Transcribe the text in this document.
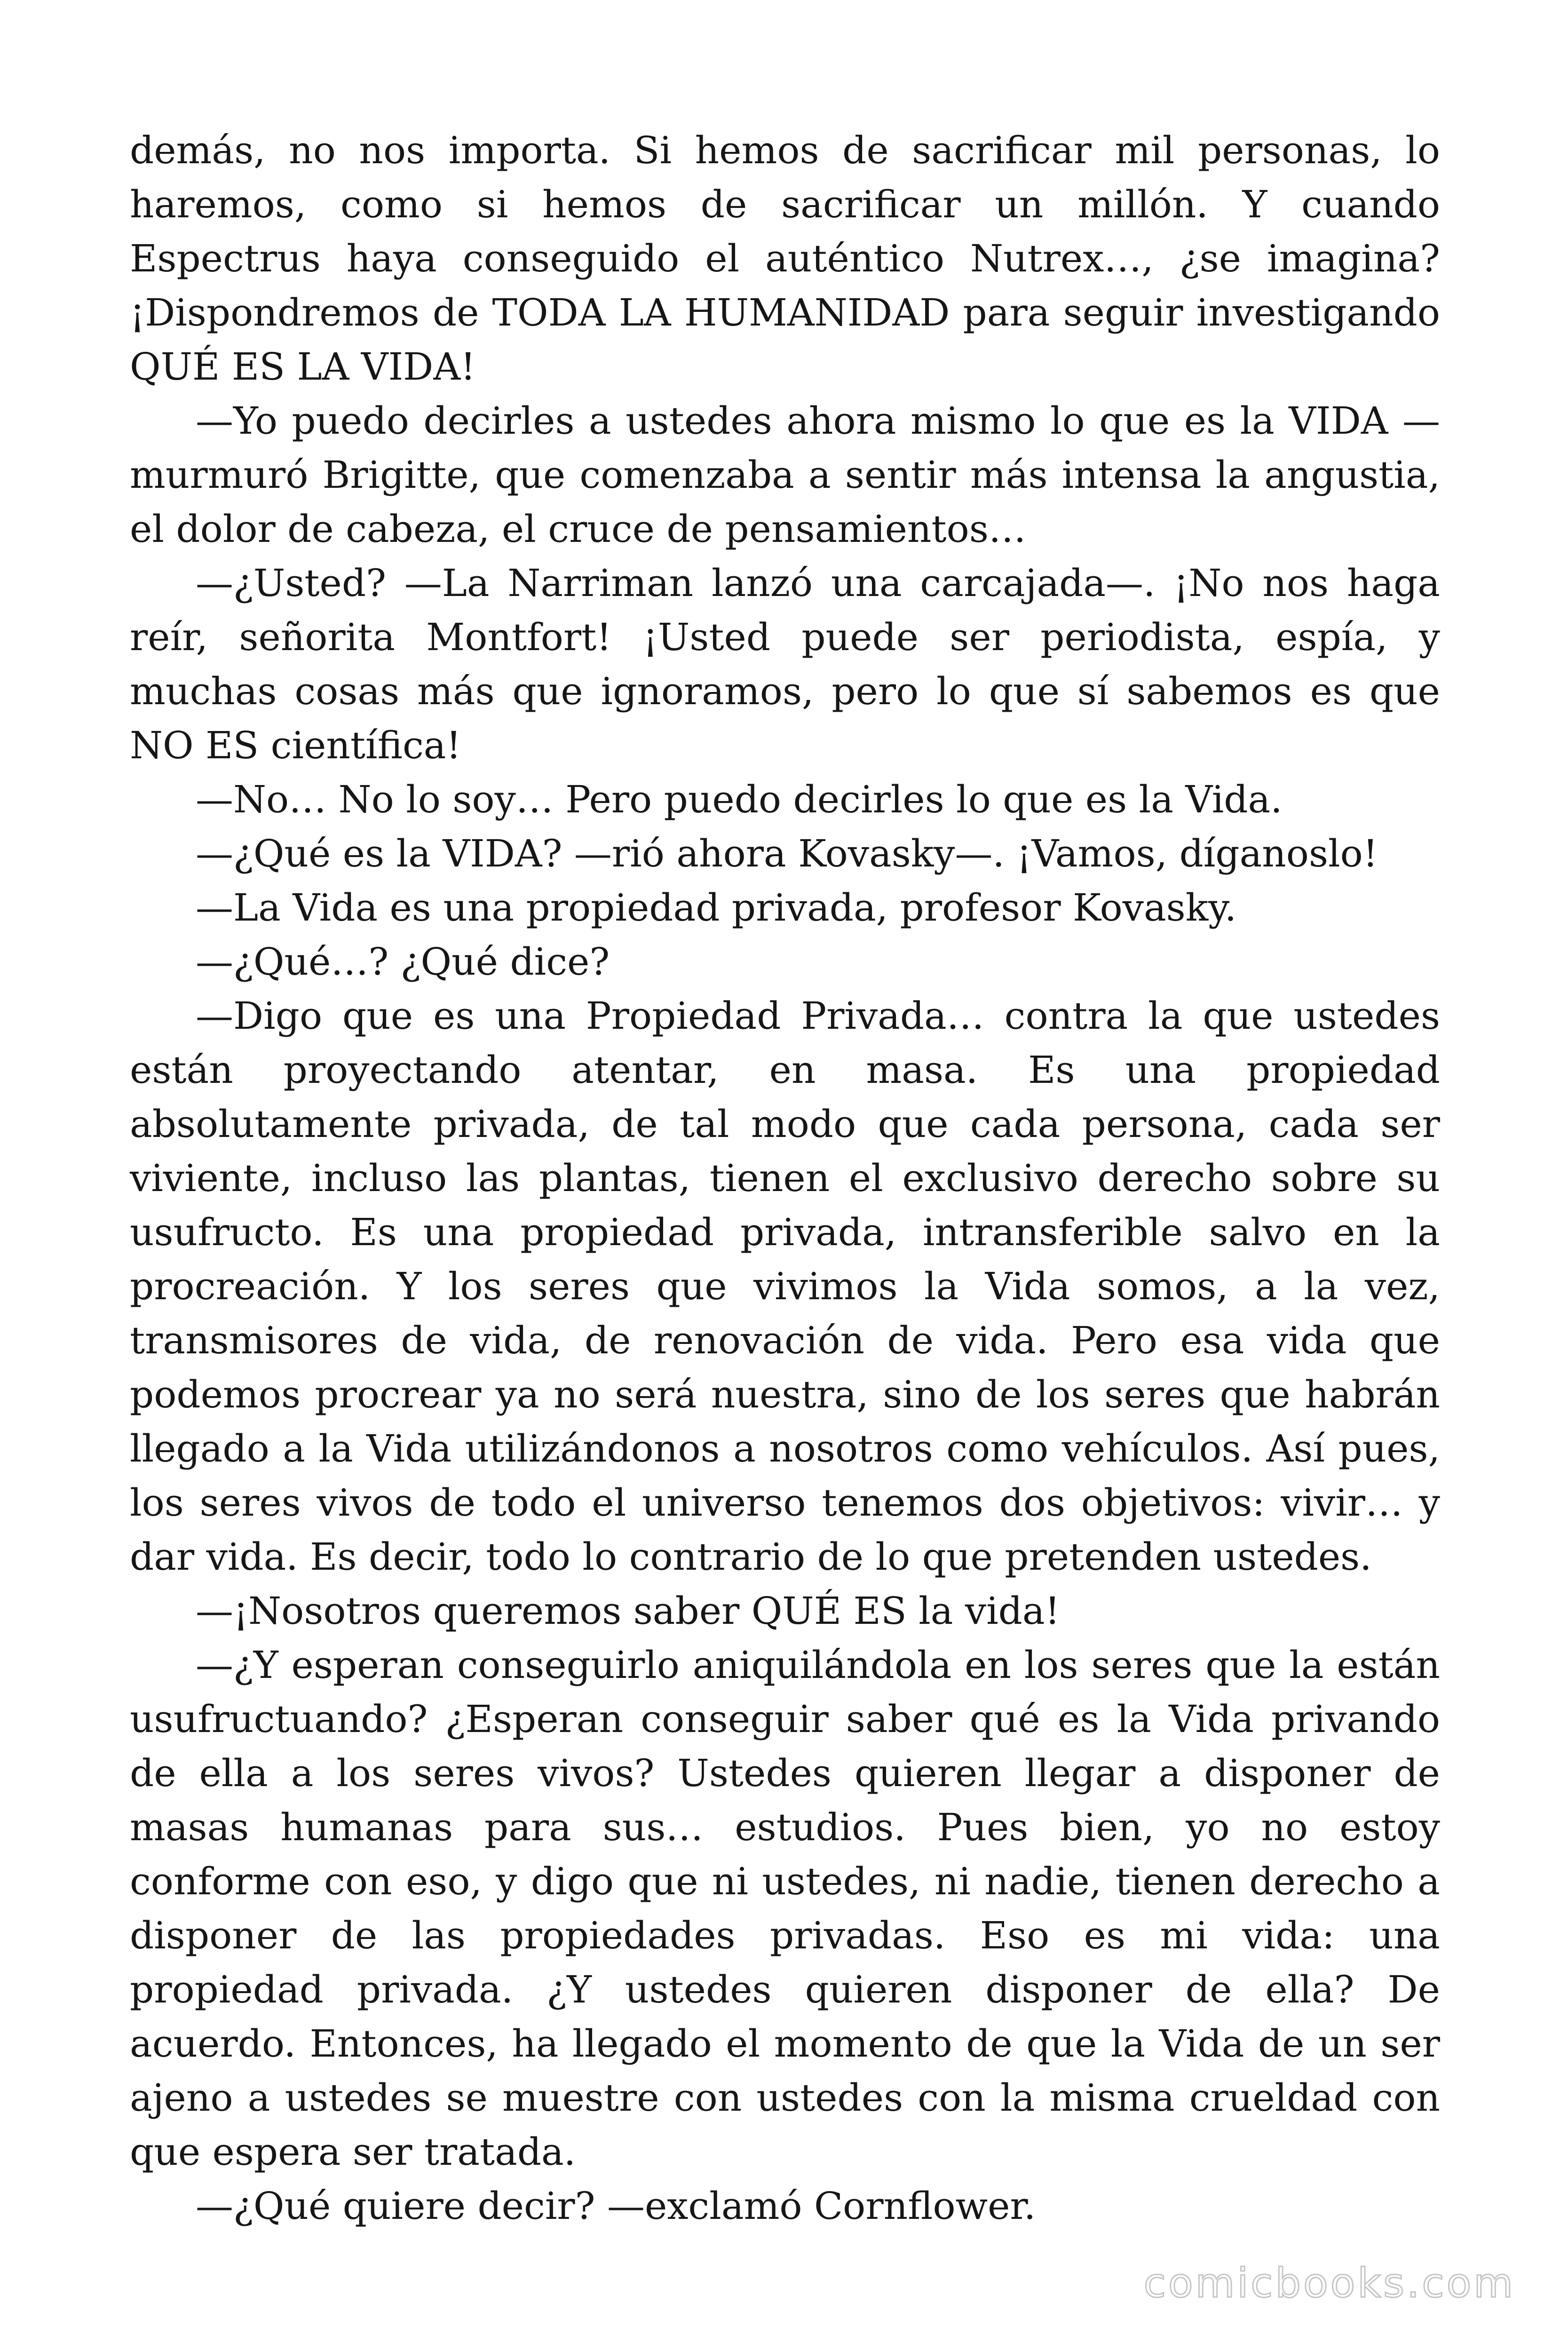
demás, no nos importa. Si hemos de sacrificar mil personas, lo haremos, como si hemos de sacrificar un millón. Y cuando Espectrus haya conseguido el auténtico Nutrex…, ¿se imagina? ¡Dispondremos de TODA LA HUMANIDAD para seguir investigando QUÉ ES LA VIDA!

—Yo puedo decirles a ustedes ahora mismo lo que es la VIDA —murmuró Brigitte, que comenzaba a sentir más intensa la angustia, el dolor de cabeza, el cruce de pensamientos…

—¿Usted? —La Narriman lanzó una carcajada—. ¡No nos haga reír, señorita Montfort! ¡Usted puede ser periodista, espía, y muchas cosas más que ignoramos, pero lo que sí sabemos es que NO ES científica!

—No… No lo soy… Pero puedo decirles lo que es la Vida.

—¿Qué es la VIDA? —rió ahora Kovasky—. ¡Vamos, díganoslo!

—La Vida es una propiedad privada, profesor Kovasky.

—¿Qué…? ¿Qué dice?

—Digo que es una Propiedad Privada… contra la que ustedes están proyectando atentar, en masa. Es una propiedad absolutamente privada, de tal modo que cada persona, cada ser viviente, incluso las plantas, tienen el exclusivo derecho sobre su usufructo. Es una propiedad privada, intransferible salvo en la procreación. Y los seres que vivimos la Vida somos, a la vez, transmisores de vida, de renovación de vida. Pero esa vida que podemos procrear ya no será nuestra, sino de los seres que habrán llegado a la Vida utilizándonos a nosotros como vehículos. Así pues, los seres vivos de todo el universo tenemos dos objetivos: vivir… y dar vida. Es decir, todo lo contrario de lo que pretenden ustedes.

—¡Nosotros queremos saber QUÉ ES la vida!

—¿Y esperan conseguirlo aniquilándola en los seres que la están usufructuando? ¿Esperan conseguir saber qué es la Vida privando de ella a los seres vivos? Ustedes quieren llegar a disponer de masas humanas para sus… estudios. Pues bien, yo no estoy conforme con eso, y digo que ni ustedes, ni nadie, tienen derecho a disponer de las propiedades privadas. Eso es mi vida: una propiedad privada. ¿Y ustedes quieren disponer de ella? De acuerdo. Entonces, ha llegado el momento de que la Vida de un ser ajeno a ustedes se muestre con ustedes con la misma crueldad con que espera ser tratada.

—¿Qué quiere decir? —exclamó Cornflower.

comicbooks.com
